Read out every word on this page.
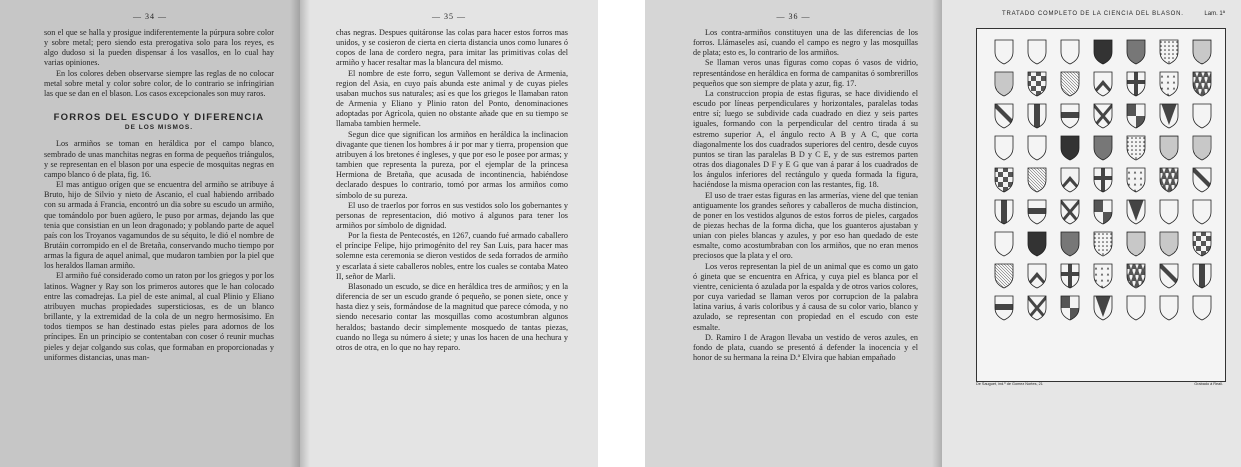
— 34 —

son el que se halla y prosigue indiferentemente la púrpura sobre color y sobre metal; pero siendo esta prerogativa solo para los reyes, es algo dudoso si la pueden dispensar á los vasallos, en lo cual hay varias opiniones.

En los colores deben observarse siempre las reglas de no colocar metal sobre metal y color sobre color, de lo contrario se infringirian las que se dan en el blason. Los casos excepcionales son muy raros.

FORROS DEL ESCUDO Y DIFERENCIA
DE LOS MISMOS.

Los armiños se toman en heráldica por el campo blanco, sembrado de unas manchitas negras en forma de pequeños triángulos, y se representan en el blason por una especie de mosquitas negras en campo blanco ó de plata, fig. 16.

El mas antiguo orígen que se encuentra del armiño se atribuye á Bruto, hijo de Silvio y nieto de Ascanio, el cual habiendo arribado con su armada á Francia, encontró un dia sobre su escudo un armiño, que tomándolo por buen agüero, le puso por armas, dejando las que tenia que consistian en un leon dragonado; y poblando parte de aquel país con los Troyanos vagamundos de su séquito, le dió el nombre de Brutáin corrompido en el de Bretaña, conservando mucho tiempo por armas la figura de aquel animal, que mudaron tambien por la piel que los heraldos llaman armiño.

El armiño fué considerado como un raton por los griegos y por los latinos. Wagner y Ray son los primeros autores que le han colocado entre las comadrejas. La piel de este animal, al cual Plinio y Eliano atribuyen muchas propiedades supersticiosas, es de un blanco brillante, y la extremidad de la cola de un negro hermosísimo. En todos tiempos se han destinado estas pieles para adornos de los príncipes. En un principio se contentaban con coser ó reunir muchas pieles y dejar colgando sus colas, que formaban en proporcionadas y uniformes distancias, unas man-

— 35 —

chas negras. Despues quitáronse las colas para hacer estos forros mas unidos, y se cosieron de cierta en cierta distancia unos como lunares ó copos de lana de cordero negra, para imitar las primitivas colas del armiño y hacer resaltar mas la blancura del mismo.

El nombre de este forro, segun Vallemont se deriva de Armenia, region del Asia, en cuyo país abunda este animal y de cuyas pieles usaban muchos sus naturales; así es que los griegos le llamaban raton de Armenia y Eliano y Plinio raton del Ponto, denominaciones adoptadas por Agrícola, quien no obstante añade que en su tiempo se llamaba tambien hermele.

Segun dice que significan los armiños en heráldica la inclinacion divagante que tienen los hombres á ir por mar y tierra, propension que atribuyen á los bretones é ingleses, y que por eso le posee por armas; y tambien que representa la pureza, por el ejemplar de la princesa Hermiona de Bretaña, que acusada de incontinencia, habiéndose declarado despues lo contrario, tomó por armas los armiños como símbolo de su pureza.

El uso de traerlos por forros en sus vestidos solo los gobernantes y personas de representacion, dió motivo á algunos para tener los armiños por símbolo de dignidad.

Por la fiesta de Pentecostés, en 1267, cuando fué armado caballero el príncipe Felipe, hijo primogénito del rey San Luis, para hacer mas solemne esta ceremonia se dieron vestidos de seda forrados de armiño y escarlata á siete caballeros nobles, entre los cuales se contaba Mateo II, señor de Marli.

Blasonado un escudo, se dice en heráldica tres de armiños; y en la diferencia de ser un escudo grande ó pequeño, se ponen siete, once y hasta diez y seis, formándose de la magnitud que parece cómoda, y no siendo necesario contar las mosquillas como acostumbran algunos heraldos; bastando decir simplemente mosquedo de tantas piezas, cuando no llega su número á siete; y unas los hacen de una hechura y otros de otra, en lo que no hay reparo.

— 36 —

Los contra-armiños constituyen una de las diferencias de los forros. Llámaseles así, cuando el campo es negro y las mosquillas de plata; esto es, lo contrario de los armiños.

Se llaman veros unas figuras como copas ó vasos de vidrio, representándose en heráldica en forma de campanitas ó sombrerillos pequeños que son siempre de plata y azur, fig. 17.

La construccion propia de estas figuras, se hace dividiendo el escudo por líneas perpendiculares y horizontales, paralelas todas entre sí; luego se subdivide cada cuadrado en diez y seis partes iguales, formando con la perpendicular del centro tirada á su estremo superior A, el ángulo recto A B y A C, que corta diagonalmente los dos cuadrados superiores del centro, desde cuyos puntos se tiran las paralelas B D y C E, y de sus estremos parten otras dos diagonales D F y E G que van á parar á los cuadrados de los ángulos inferiores del rectángulo y queda formada la figura, haciéndose la misma operacion con las restantes, fig. 18.

El uso de traer estas figuras en las armerías, viene del que tenian antiguamente los grandes señores y caballeros de mucha distincion, de poner en los vestidos algunos de estos forros de pieles, cargados de piezas hechas de la forma dicha, que los guanteros ajustaban y unian con pieles blancas y azules, y por eso han quedado de este esmalte, como acostumbraban con los armiños, que no eran menos preciosos que la plata y el oro.

Los veros representan la piel de un animal que es como un gato ó gineta que se encuentra en Africa, y cuya piel es blanca por el vientre, cenicienta ó azulada por la espalda y de otros varios colores, por cuya variedad se llaman veros por corrupcion de la palabra latina varius, á varis coloribus y á causa de su color vario, blanco y azulado, se representan con propiedad en el escudo con este esmalte.

D. Ramiro I de Aragon llevaba un vestido de veros azules, en fondo de plata, cuando se presentó á defender la inocencia y el honor de su hermana la reina D.ª Elvira que habian empañado

TRATADO COMPLETO DE LA CIENCIA DEL BLASON.	Lam. 1ª
De Sauguet, ind.º de Gomez Nortes, 21	Grabado á Reall.
